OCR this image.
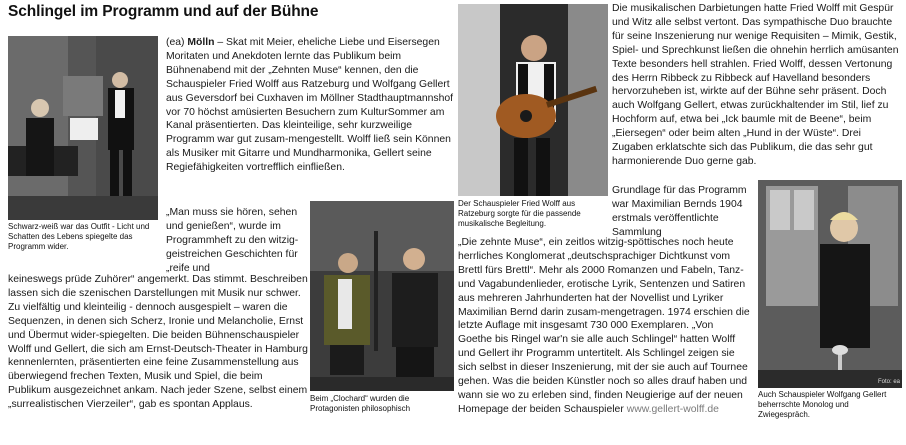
Schlingel im Programm und auf der Bühne
Schwarz-weiß war das Outfit - Licht und Schatten des Lebens spiegelte das Programm wider.

(ea) Mölln – Skat mit Meier, eheliche Liebe und Eisersegen Moritaten und Anekdoten lernte das Publikum beim Bühnenabend mit der „Zehnten Muse“ kennen, den die Schauspieler Fried Wolff aus Ratzeburg und Wolfgang Gellert aus Geversdorf bei Cuxhaven im Möllner Stadthauptmannshof vor 70 höchst amüsierten Besuchern zum KulturSommer am Kanal präsentierten. Das kleinteilige, sehr kurzweilige Programm war gut zusam-mengestellt. Wolff ließ sein Können als Musiker mit Gitarre und Mundharmonika, Gellert seine Regiefähigkeiten vortrefflich einfließen.

„Man muss sie hören, sehen und genießen“, wurde im Programmheft zu den witzig-geistreichen Geschichten für „reife und
keineswegs prüde Zuhörer“ angemerkt. Das stimmt. Beschreiben lassen sich die szenischen Darstellungen mit Musik nur schwer. Zu vielfältig und kleinteilig - dennoch ausgespielt – waren die Sequenzen, in denen sich Scherz, Ironie und Melancholie, Ernst und Übermut wider-spiegelten. Die beiden Bühnenschauspieler Wolff und Gellert, die sich am Ernst-Deutsch-Theater in Hamburg kennenlernten, präsentierten eine feine Zusammenstellung aus überwiegend frechen Texten, Musik und Spiel, die beim Publikum ausgezeichnet ankam. Nach jeder Szene, selbst einem „surrealistischen Vierzeiler“, gab es spontan Applaus.
Beim „Clochard“ wurden die Protagonisten philosophisch
Der Schauspieler Fried Wolff aus Ratzeburg sorgte für die passende musikalische Begleitung.
Die musikalischen Darbietungen hatte Fried Wolff mit Gespür und Witz alle selbst vertont. Das sympathische Duo brauchte für seine Inszenierung nur wenige Requisiten – Mimik, Gestik, Spiel- und Sprechkunst ließen die ohnehin herrlich amüsanten Texte besonders hell strahlen. Fried Wolff, dessen Vertonung des Herrn Ribbeck zu Ribbeck auf Havelland besonders hervorzuheben ist, wirkte auf der Bühne sehr präsent. Doch auch Wolfgang Gellert, etwas zurückhaltender im Stil, lief zu Hochform auf, etwa bei „Ick baumle mit de Beene“, beim „Eiersegen“ oder beim alten „Hund in der Wüste“. Drei Zugaben erklatschte sich das Publikum, die das sehr gut harmonierende Duo gerne gab.
Grundlage für das Programm war Maximilian Bernds 1904 erstmals veröffentlichte Sammlung
Foto: ea
Auch Schauspieler Wolfgang Gellert beherrschte Monolog und Zwiegespräch.
„Die zehnte Muse“, ein zeitlos witzig-spöttisches noch heute herrliches Konglomerat „deutschsprachiger Dichtkunst vom Brettl fürs Brettl“. Mehr als 2000 Romanzen und Fabeln, Tanz- und Vagabundenlieder, erotische Lyrik, Sentenzen und Satiren aus mehreren Jahrhunderten hat der Novellist und Lyriker Maximilian Bernd darin zusam-mengetragen. 1974 erschien die letzte Auflage mit insgesamt 730 000 Exemplaren. „Von Goethe bis Ringel war'n sie alle auch Schlingel“ hatten Wolff und Gellert ihr Programm untertitelt. Als Schlingel zeigen sie sich selbst in dieser Inszenierung, mit der sie auch auf Tournee gehen. Was die beiden Künstler noch so alles drauf haben und wann sie wo zu erleben sind, finden Neugierige auf der neuen Homepage der beiden Schauspieler www.gellert-wolff.de
